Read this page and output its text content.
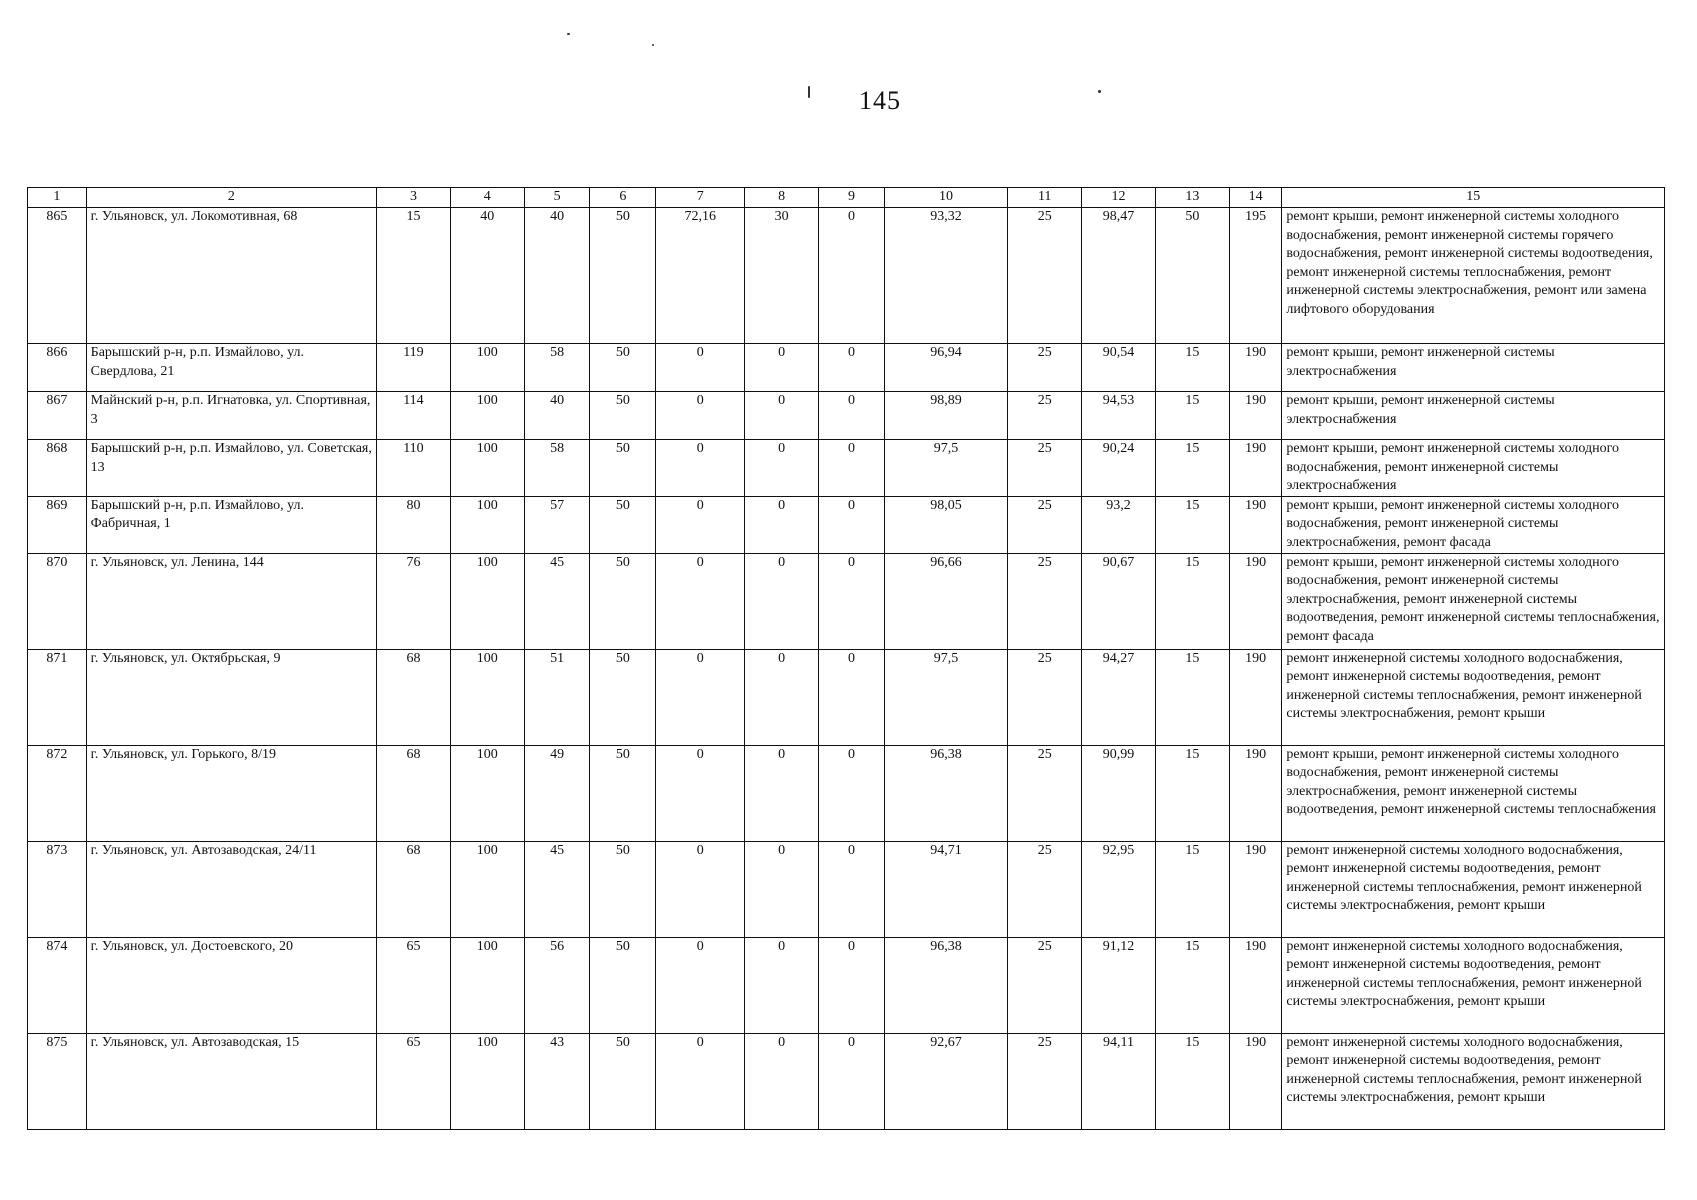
145
1	2	3	4	5	6	7	8	9	10	11	12	13	14	15
865	г. Ульяновск, ул. Локомотивная, 68	15	40	40	50	72,16	30	0	93,32	25	98,47	50	195	ремонт крыши, ремонт инженерной системы холодного водоснабжения, ремонт инженерной системы горячего водоснабжения, ремонт инженерной системы водоотведения, ремонт инженерной системы теплоснабжения, ремонт инженерной системы электроснабжения, ремонт или замена лифтового оборудования
866	Барышский р-н, р.п. Измайлово, ул. Свердлова, 21	119	100	58	50	0	0	0	96,94	25	90,54	15	190	ремонт крыши, ремонт инженерной системы электроснабжения
867	Майнский р-н, р.п. Игнатовка, ул. Спортивная, 3	114	100	40	50	0	0	0	98,89	25	94,53	15	190	ремонт крыши, ремонт инженерной системы электроснабжения
868	Барышский р-н, р.п. Измайлово, ул. Советская, 13	110	100	58	50	0	0	0	97,5	25	90,24	15	190	ремонт крыши, ремонт инженерной системы холодного водоснабжения, ремонт инженерной системы электроснабжения
869	Барышский р-н, р.п. Измайлово, ул. Фабричная, 1	80	100	57	50	0	0	0	98,05	25	93,2	15	190	ремонт крыши, ремонт инженерной системы холодного водоснабжения, ремонт инженерной системы электроснабжения, ремонт фасада
870	г. Ульяновск, ул. Ленина, 144	76	100	45	50	0	0	0	96,66	25	90,67	15	190	ремонт крыши, ремонт инженерной системы холодного водоснабжения, ремонт инженерной системы электроснабжения, ремонт инженерной системы водоотведения, ремонт инженерной системы теплоснабжения, ремонт фасада
871	г. Ульяновск, ул. Октябрьская, 9	68	100	51	50	0	0	0	97,5	25	94,27	15	190	ремонт инженерной системы холодного водоснабжения, ремонт инженерной системы водоотведения, ремонт инженерной системы теплоснабжения, ремонт инженерной системы электроснабжения, ремонт крыши
872	г. Ульяновск, ул. Горького, 8/19	68	100	49	50	0	0	0	96,38	25	90,99	15	190	ремонт крыши, ремонт инженерной системы холодного водоснабжения, ремонт инженерной системы электроснабжения, ремонт инженерной системы водоотведения, ремонт инженерной системы теплоснабжения
873	г. Ульяновск, ул. Автозаводская, 24/11	68	100	45	50	0	0	0	94,71	25	92,95	15	190	ремонт инженерной системы холодного водоснабжения, ремонт инженерной системы водоотведения, ремонт инженерной системы теплоснабжения, ремонт инженерной системы электроснабжения, ремонт крыши
874	г. Ульяновск, ул. Достоевского, 20	65	100	56	50	0	0	0	96,38	25	91,12	15	190	ремонт инженерной системы холодного водоснабжения, ремонт инженерной системы водоотведения, ремонт инженерной системы теплоснабжения, ремонт инженерной системы электроснабжения, ремонт крыши
875	г. Ульяновск, ул. Автозаводская, 15	65	100	43	50	0	0	0	92,67	25	94,11	15	190	ремонт инженерной системы холодного водоснабжения, ремонт инженерной системы водоотведения, ремонт инженерной системы теплоснабжения, ремонт инженерной системы электроснабжения, ремонт крыши
